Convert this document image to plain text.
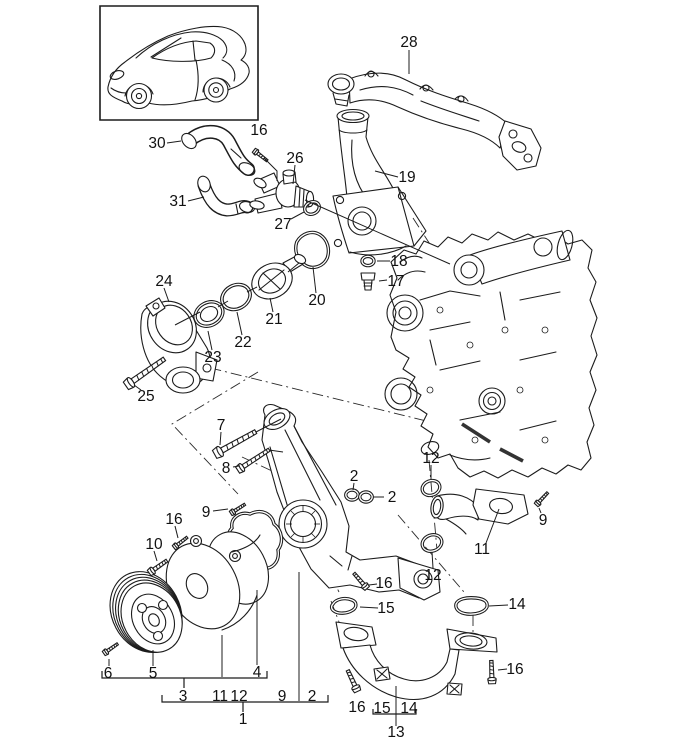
28
30
16
26
19
31
27
18
17
20
21
22
23
24
25
7
8	2
2
12
9	9
16
10	11
12
16
15	14
16
16
6 5	4
3 11 12 9 2
1
15 14
13
